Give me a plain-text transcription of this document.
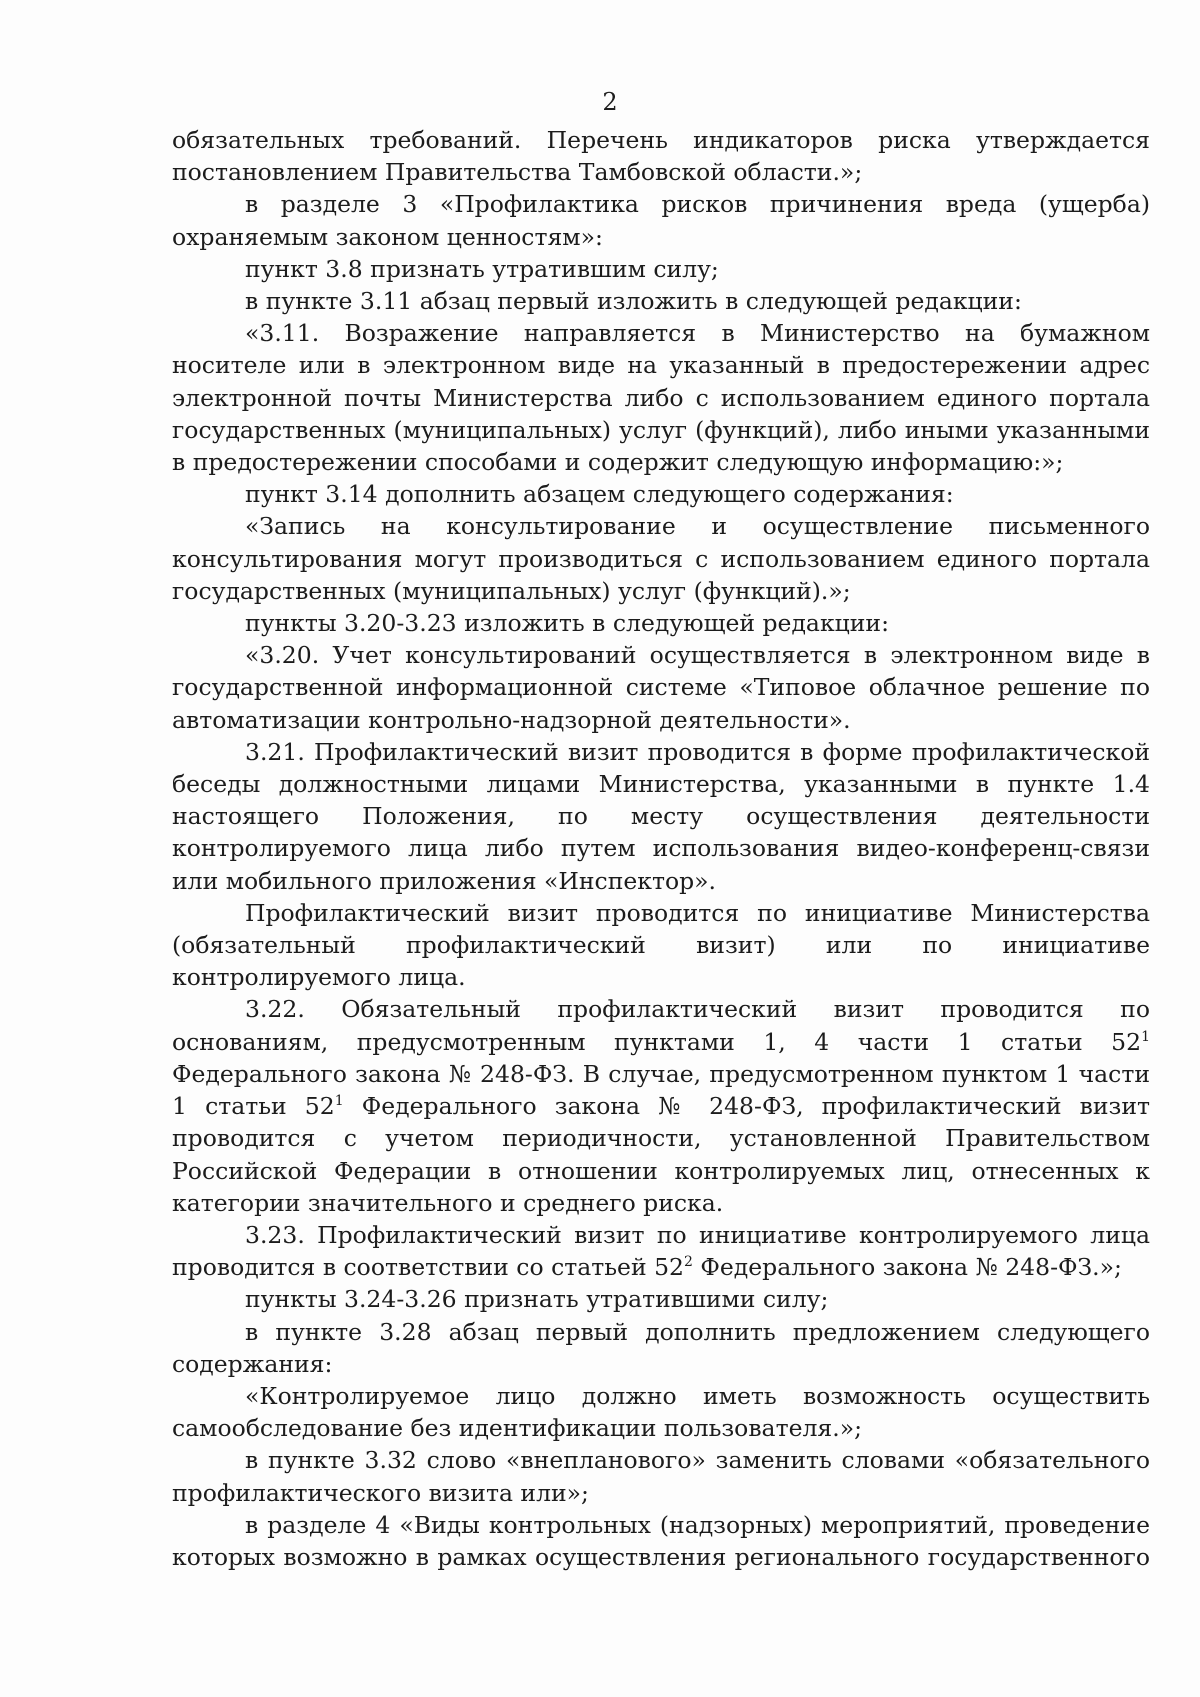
2

обязательных требований. Перечень индикаторов риска утверждается постановлением Правительства Тамбовской области.»;

в разделе 3 «Профилактика рисков причинения вреда (ущерба) охраняемым законом ценностям»:

пункт 3.8 признать утратившим силу;

в пункте 3.11 абзац первый изложить в следующей редакции:

«3.11. Возражение направляется в Министерство на бумажном носителе или в электронном виде на указанный в предостережении адрес электронной почты Министерства либо с использованием единого портала государственных (муниципальных) услуг (функций), либо иными указанными в предостережении способами и содержит следующую информацию:»;

пункт 3.14 дополнить абзацем следующего содержания:

«Запись на консультирование и осуществление письменного консультирования могут производиться с использованием единого портала государственных (муниципальных) услуг (функций).»;

пункты 3.20-3.23 изложить в следующей редакции:

«3.20. Учет консультирований осуществляется в электронном виде в государственной информационной системе «Типовое облачное решение по автоматизации контрольно-надзорной деятельности».

3.21. Профилактический визит проводится в форме профилактической беседы должностными лицами Министерства, указанными в пункте 1.4 настоящего Положения, по месту осуществления деятельности контролируемого лица либо путем использования видео-конференц-связи или мобильного приложения «Инспектор».

Профилактический визит проводится по инициативе Министерства (обязательный профилактический визит) или по инициативе контролируемого лица.

3.22. Обязательный профилактический визит проводится по основаниям, предусмотренным пунктами 1, 4 части 1 статьи $52^1$ Федерального закона № 248-ФЗ. В случае, предусмотренном пунктом 1 части 1 статьи $52^1$ Федерального закона № 248-ФЗ, профилактический визит проводится с учетом периодичности, установленной Правительством Российской Федерации в отношении контролируемых лиц, отнесенных к категории значительного и среднего риска.

3.23. Профилактический визит по инициативе контролируемого лица проводится в соответствии со статьей $52^2$ Федерального закона № 248-ФЗ.»;

пункты 3.24-3.26 признать утратившими силу;

в пункте 3.28 абзац первый дополнить предложением следующего содержания:

«Контролируемое лицо должно иметь возможность осуществить самообследование без идентификации пользователя.»;

в пункте 3.32 слово «внепланового» заменить словами «обязательного профилактического визита или»;

в разделе 4 «Виды контрольных (надзорных) мероприятий, проведение которых возможно в рамках осуществления регионального государственного
